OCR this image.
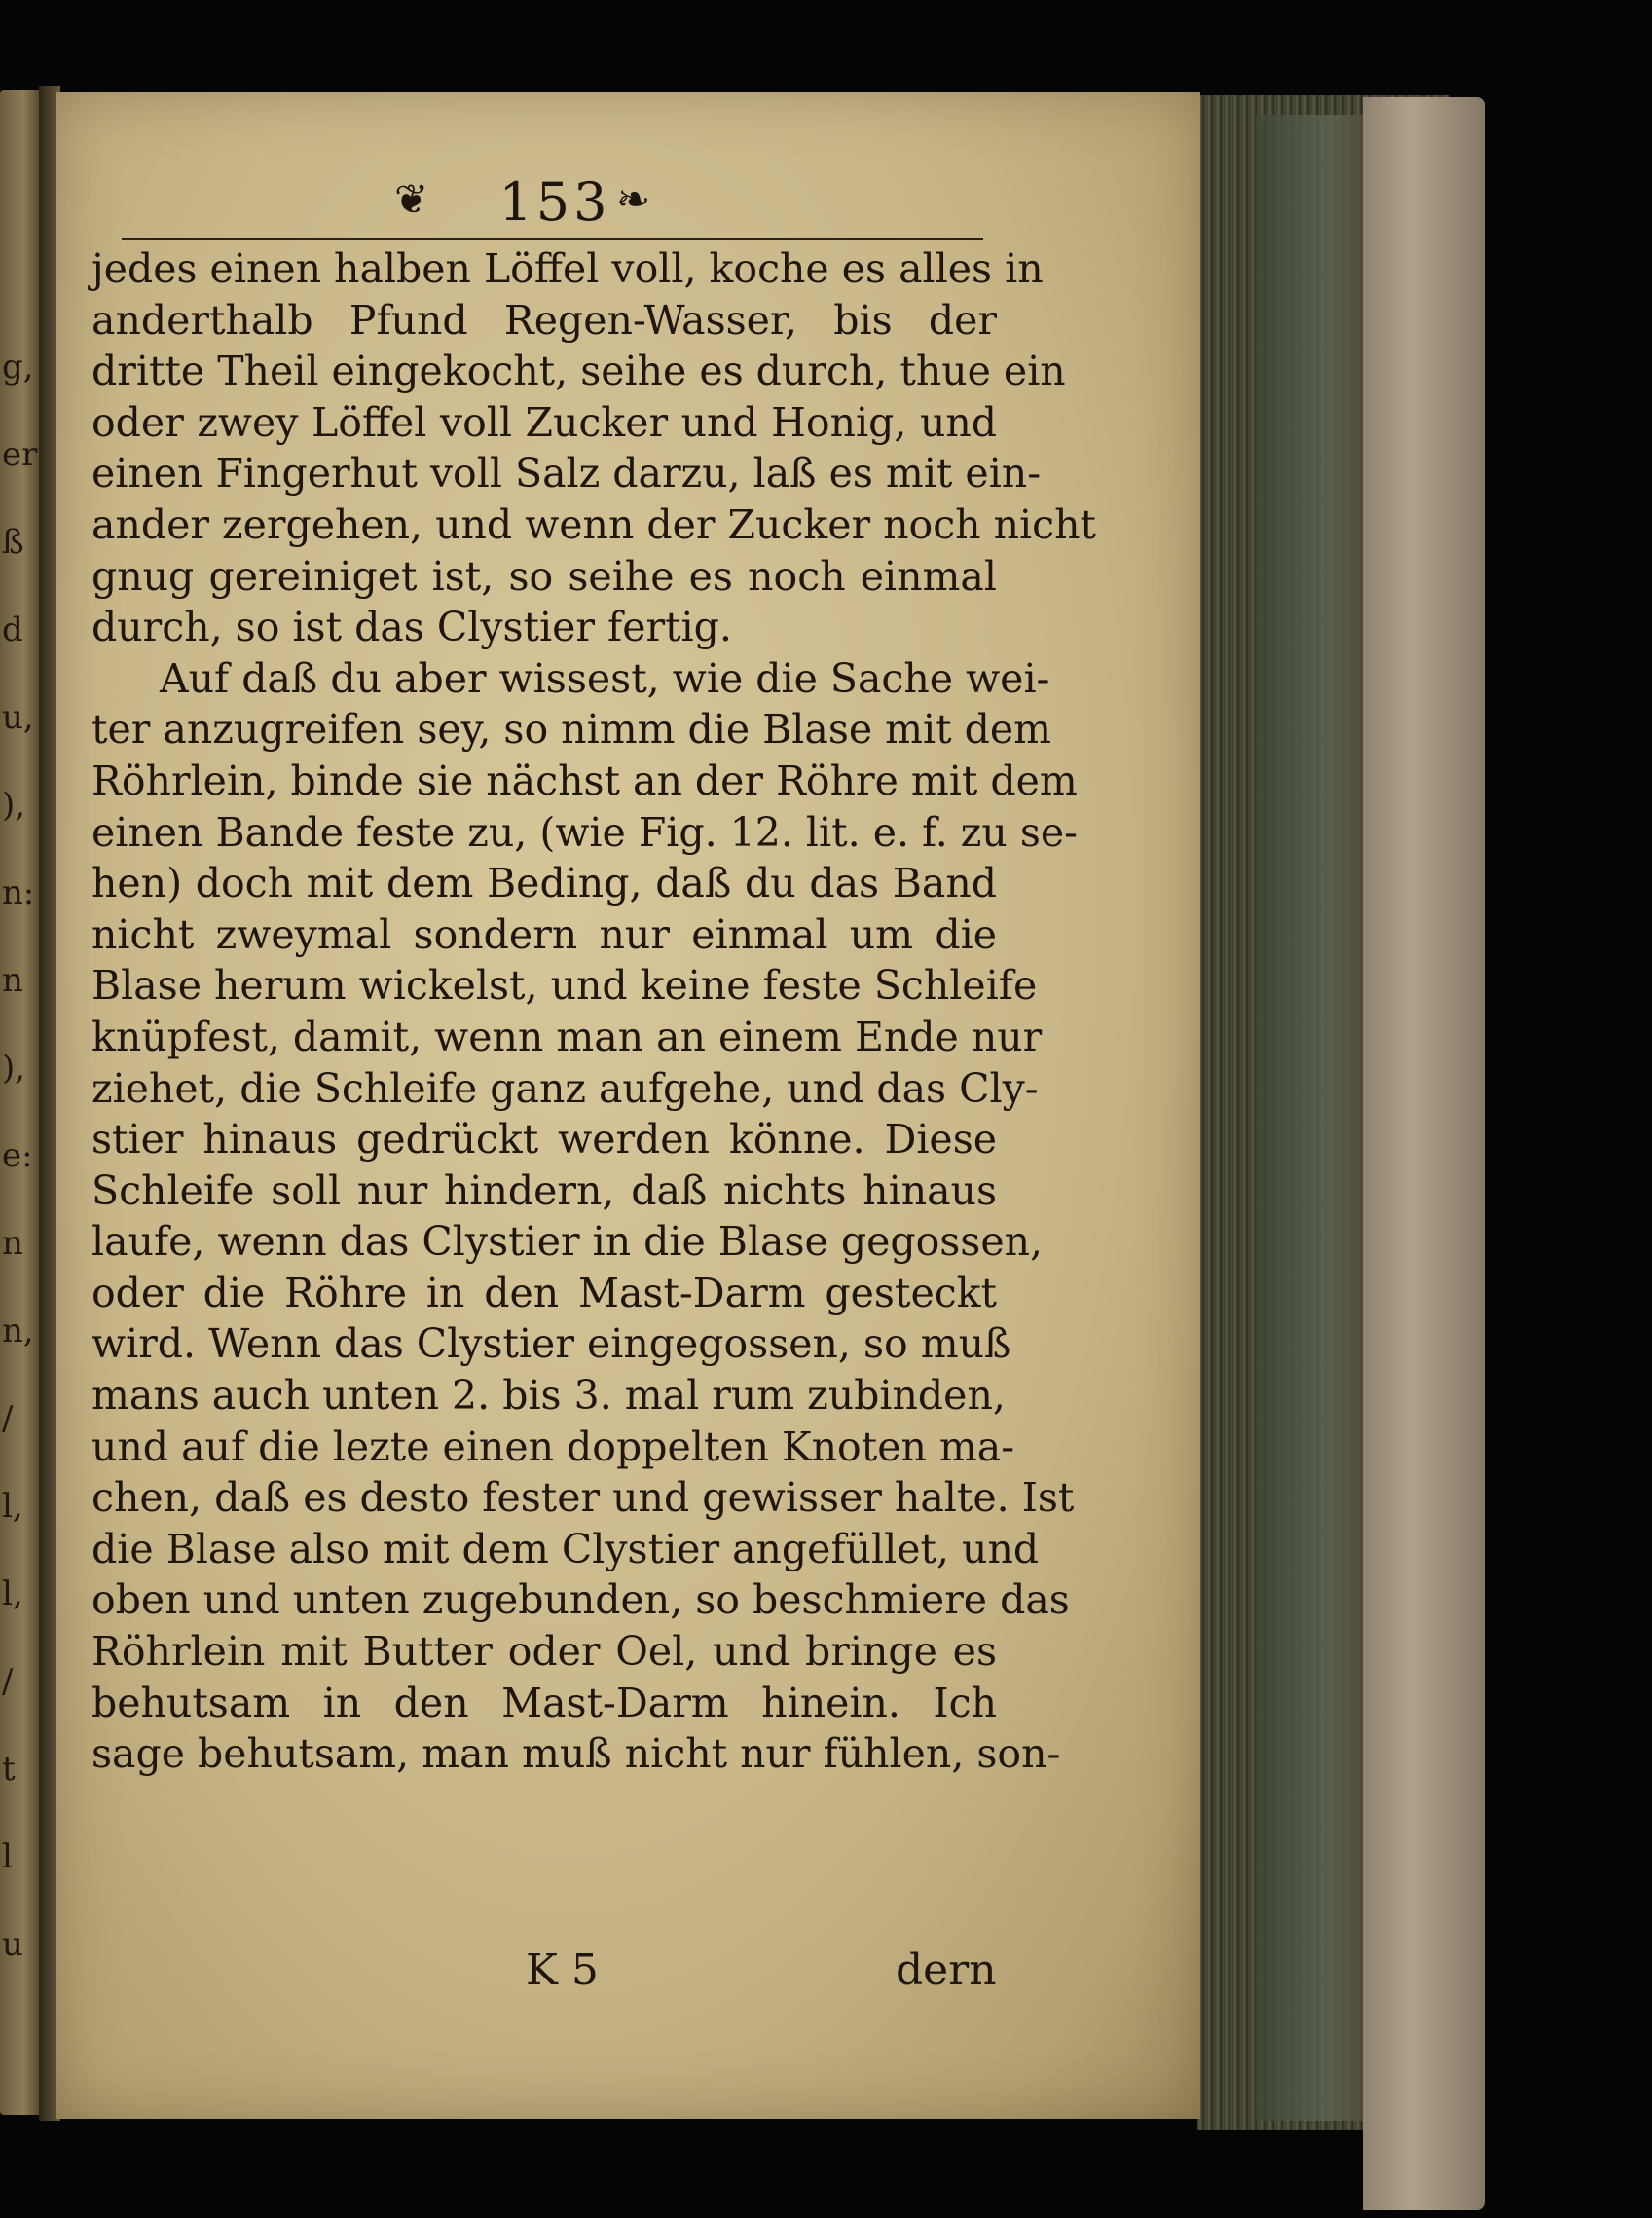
g,
er
ß
d
u,
),
n:
n
),
e:
n
n,
/
l,
l,
/
t
l
u
❦ 153 ❧
jedes einen halben Löffel voll, koche es alles in
anderthalb Pfund Regen-Wasser, bis der
dritte Theil eingekocht, seihe es durch, thue ein
oder zwey Löffel voll Zucker und Honig, und
einen Fingerhut voll Salz darzu, laß es mit ein-
ander zergehen, und wenn der Zucker noch nicht
gnug gereiniget ist, so seihe es noch einmal
durch, so ist das Clystier fertig.
Auf daß du aber wissest, wie die Sache wei-
ter anzugreifen sey, so nimm die Blase mit dem
Röhrlein, binde sie nächst an der Röhre mit dem
einen Bande feste zu, (wie Fig. 12. lit. e. f. zu se-
hen) doch mit dem Beding, daß du das Band
nicht zweymal sondern nur einmal um die
Blase herum wickelst, und keine feste Schleife
knüpfest, damit, wenn man an einem Ende nur
ziehet, die Schleife ganz aufgehe, und das Cly-
stier hinaus gedrückt werden könne. Diese
Schleife soll nur hindern, daß nichts hinaus
laufe, wenn das Clystier in die Blase gegossen,
oder die Röhre in den Mast-Darm gesteckt
wird. Wenn das Clystier eingegossen, so muß
mans auch unten 2. bis 3. mal rum zubinden,
und auf die lezte einen doppelten Knoten ma-
chen, daß es desto fester und gewisser halte. Ist
die Blase also mit dem Clystier angefüllet, und
oben und unten zugebunden, so beschmiere das
Röhrlein mit Butter oder Oel, und bringe es
behutsam in den Mast-Darm hinein. Ich
sage behutsam, man muß nicht nur fühlen, son-
K 5	dern
